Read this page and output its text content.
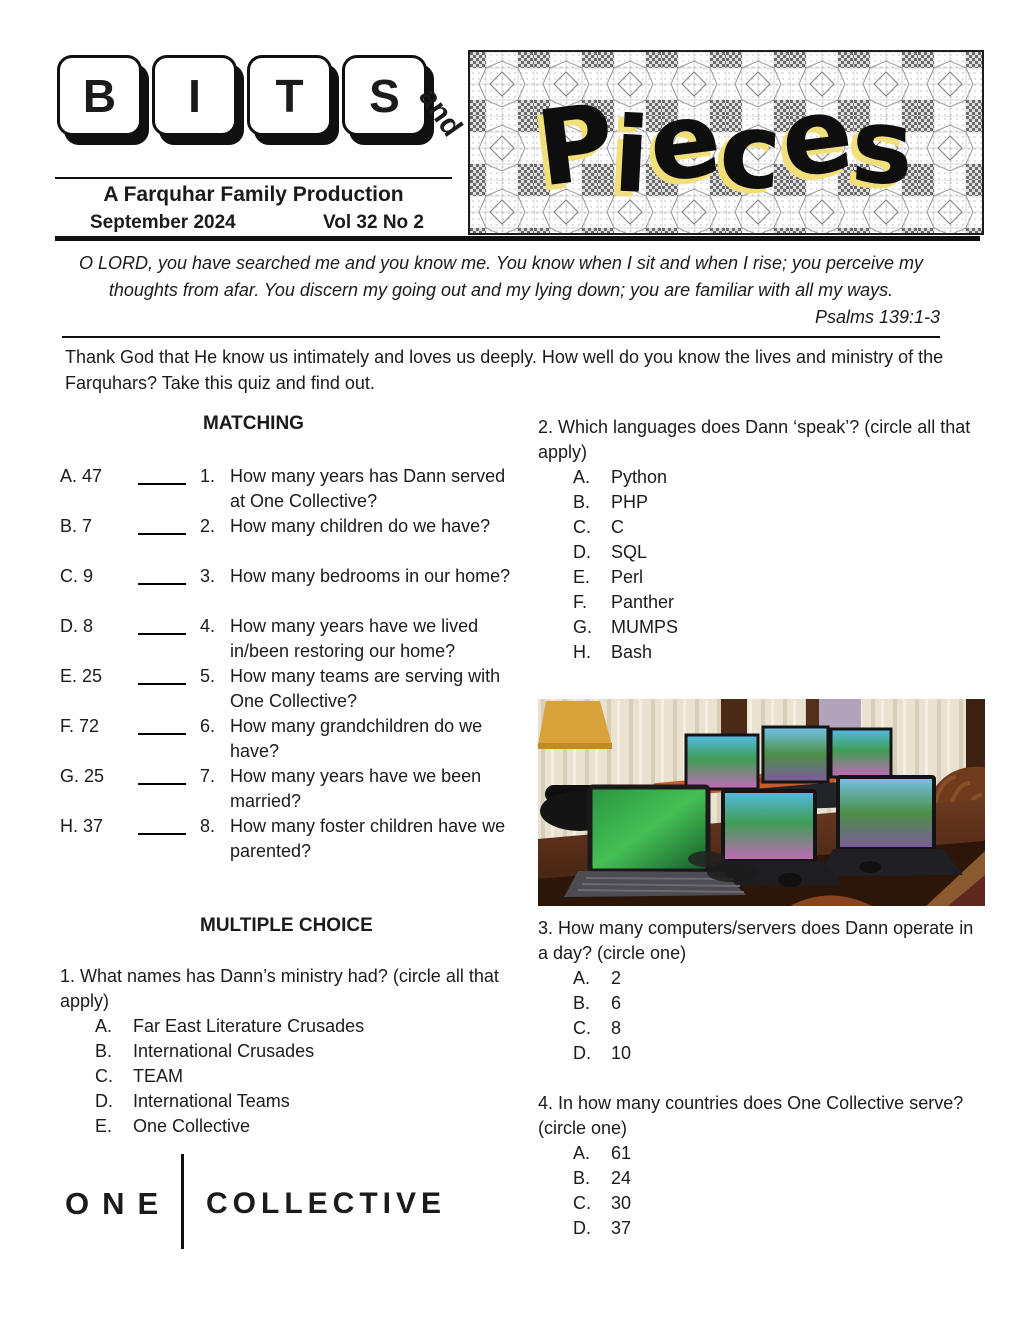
B	I	T	S and P
i
e
c
e
s
A Farquhar Family Production
September 2024	Vol 32 No 2
O LORD, you have searched me and you know me. You know when I sit and when I rise; you perceive my thoughts from afar. You discern my going out and my lying down; you are familiar with all my ways.
Psalms 139:1-3
Thank God that He know us intimately and loves us deeply. How well do you know the lives and ministry of the Farquhars? Take this quiz and find out.
MATCHING
A. 47	1. How many years has Dann served at One Collective?
B. 7	2. How many children do we have?
C. 9	3. How many bedrooms in our home?
D. 8	4. How many years have we lived in/been restoring our home?
E. 25	5. How many teams are serving with One Collective?
F. 72	6. How many grandchildren do we have?
G. 25	7. How many years have we been married?
H. 37	8. How many foster children have we parented?
MULTIPLE CHOICE
1. What names has Dann’s ministry had? (circle all that apply)
A.	Far East Literature Crusades
B.	International Crusades
C.	TEAM
D.	International Teams
E.	One Collective
2. Which languages does Dann ‘speak’? (circle all that apply)
A.	Python
B.	PHP
C.	C
D.	SQL
E.	Perl
F.	Panther
G.	MUMPS
H.	Bash
3. How many computers/servers does Dann operate in a day? (circle one)
A.	2
B.	6
C.	8
D.	10
4. In how many countries does One Collective serve? (circle one)
A.	61
B.	24
C.	30
D.	37
ONE COLLECTIVE
